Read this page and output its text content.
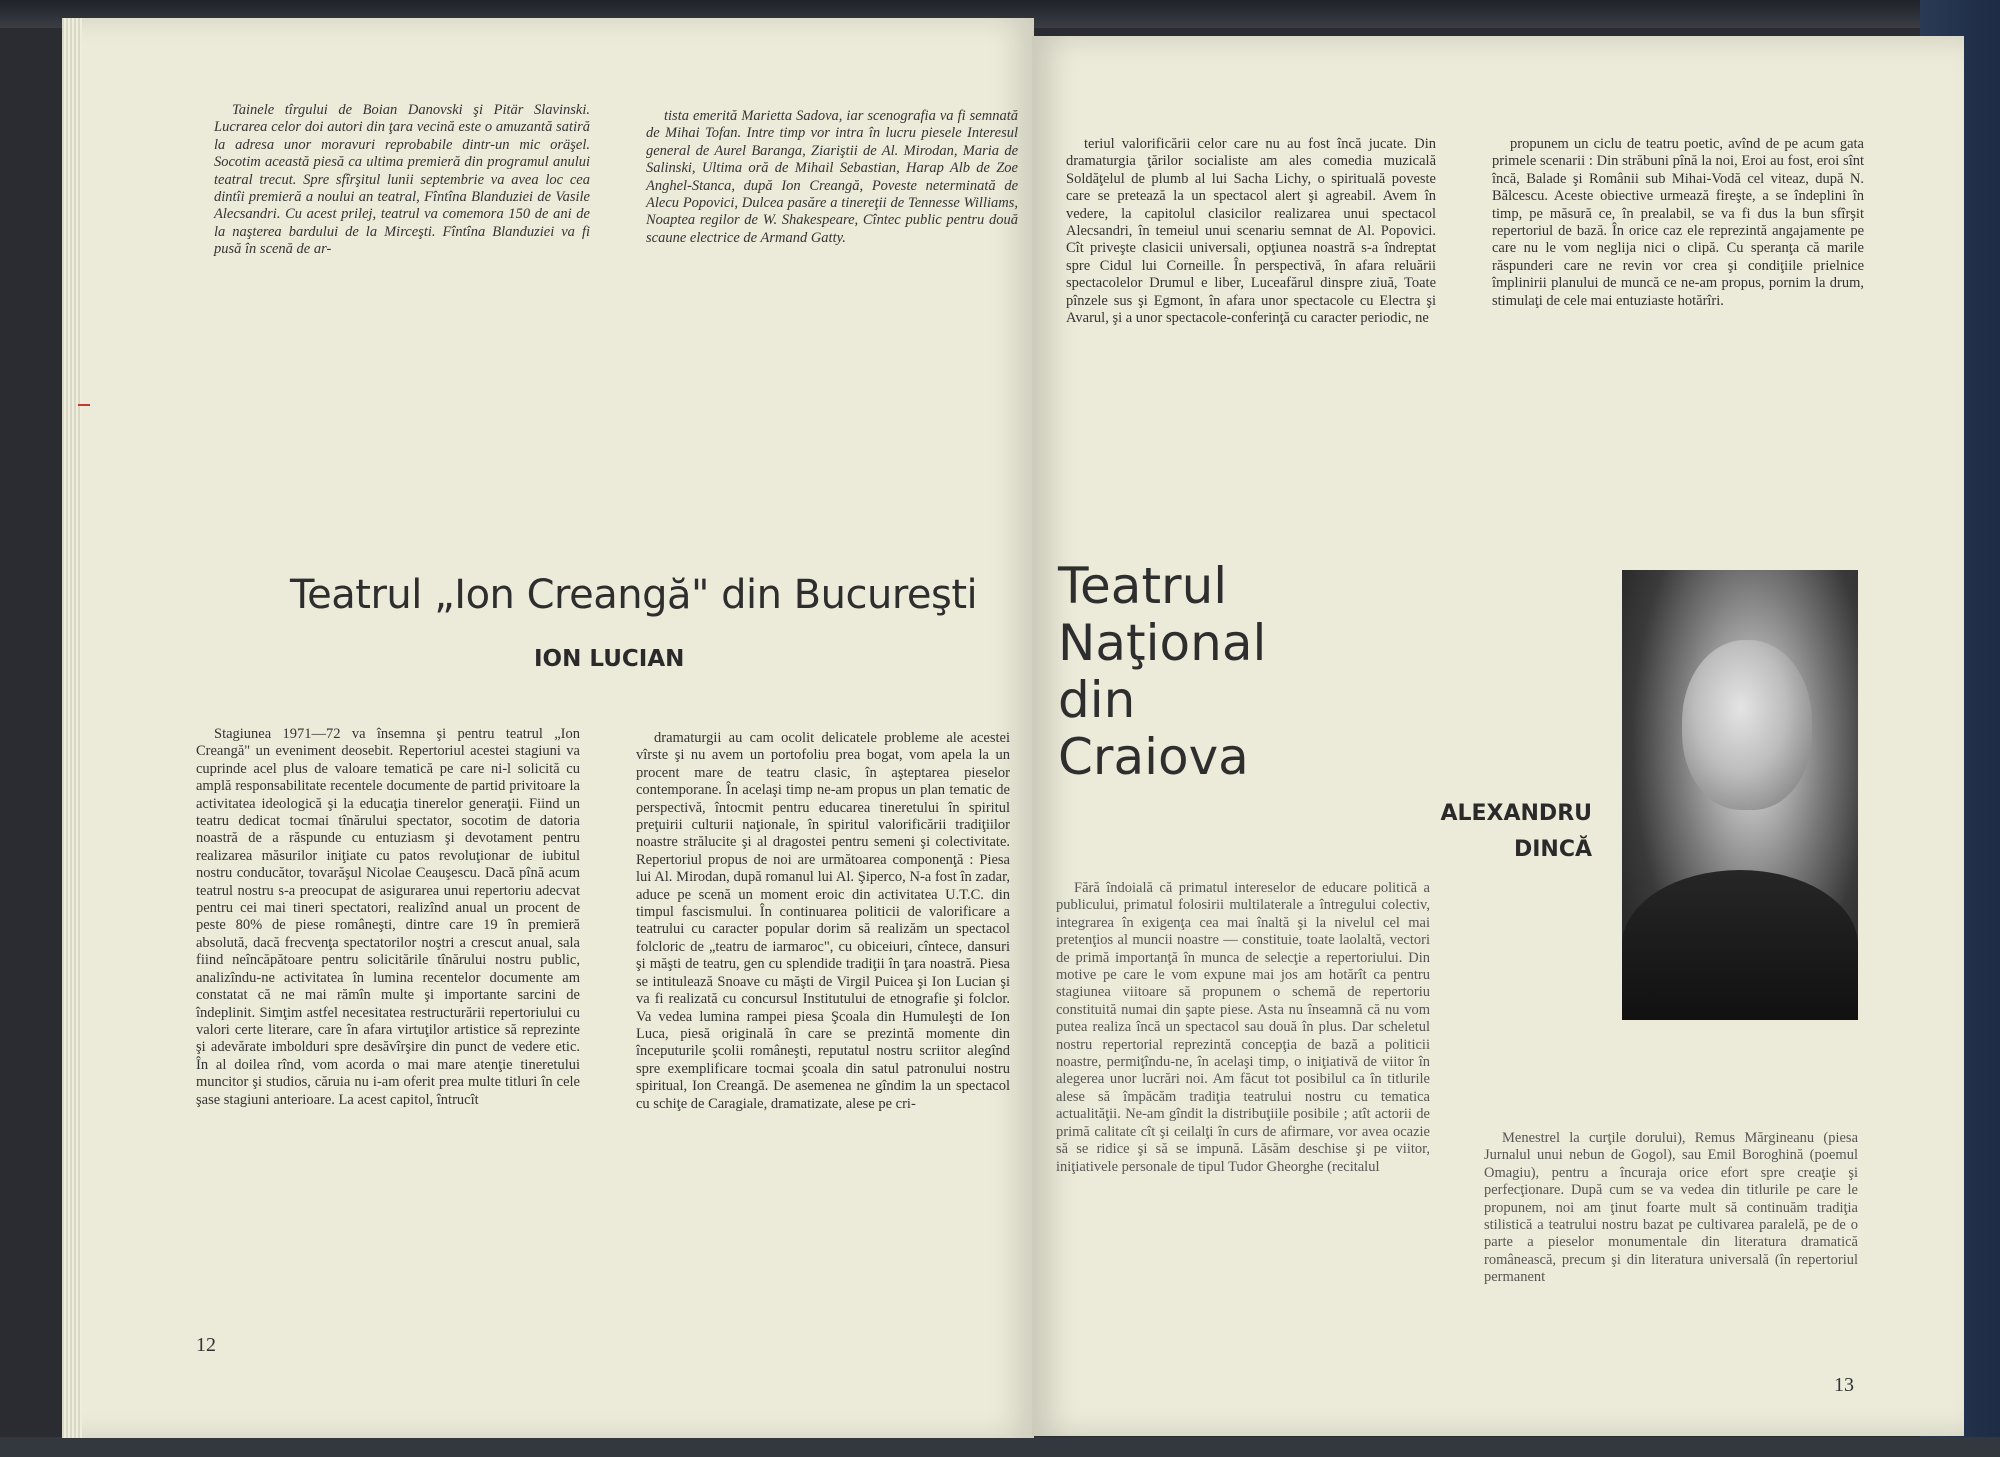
Tainele tîrgului de Boian Danovski şi Pitär Slavinski. Lucrarea celor doi autori din ţara vecină este o amuzantă satiră la adresa unor moravuri reprobabile dintr-un mic oräşel. Socotim această piesă ca ultima premieră din programul anului teatral trecut. Spre sfîrşitul lunii septembrie va avea loc cea dintîi premieră a noului an teatral, Fîntîna Blanduziei de Vasile Alecsandri. Cu acest prilej, teatrul va comemora 150 de ani de la naşterea bardului de la Mirceşti. Fîntîna Blanduziei va fi pusă în scenă de ar-

tista emerită Marietta Sadova, iar scenografia va fi semnată de Mihai Tofan. Intre timp vor intra în lucru piesele Interesul general de Aurel Baranga, Ziariştii de Al. Mirodan, Maria de Salinski, Ultima oră de Mihail Sebastian, Harap Alb de Zoe Anghel-Stanca, după Ion Creangă, Poveste neterminată de Alecu Popovici, Dulcea pasăre a tinereţii de Tennesse Williams, Noaptea regilor de W. Shakespeare, Cîntec public pentru două scaune electrice de Armand Gatty.

Teatrul „Ion Creangă" din Bucureşti
ION LUCIAN

Stagiunea 1971—72 va însemna şi pentru teatrul „Ion Creangă" un eveniment deosebit. Repertoriul acestei stagiuni va cuprinde acel plus de valoare tematică pe care ni-l solicită cu amplă responsabilitate recentele documente de partid privitoare la activitatea ideologică şi la educaţia tinerelor generaţii. Fiind un teatru dedicat tocmai tînărului spectator, socotim de datoria noastră de a răspunde cu entuziasm şi devotament pentru realizarea măsurilor iniţiate cu patos revoluţionar de iubitul nostru conducător, tovarăşul Nicolae Ceauşescu. Dacă pînă acum teatrul nostru s-a preocupat de asigurarea unui repertoriu adecvat pentru cei mai tineri spectatori, realizînd anual un procent de peste 80% de piese româneşti, dintre care 19 în premieră absolută, dacă frecvenţa spectatorilor noştri a crescut anual, sala fiind neîncăpătoare pentru solicitările tînărului nostru public, analizîndu-ne activitatea în lumina recentelor documente am constatat că ne mai rămîn multe şi importante sarcini de îndeplinit. Simţim astfel necesitatea restructurării repertoriului cu valori certe literare, care în afara virtuţilor artistice să reprezinte şi adevărate imbolduri spre desăvîrşire din punct de vedere etic. În al doilea rînd, vom acorda o mai mare atenţie tineretului muncitor şi studios, căruia nu i-am oferit prea multe titluri în cele şase stagiuni anterioare. La acest capitol, întrucît

dramaturgii au cam ocolit delicatele probleme ale acestei vîrste şi nu avem un portofoliu prea bogat, vom apela la un procent mare de teatru clasic, în aşteptarea pieselor contemporane. În acelaşi timp ne-am propus un plan tematic de perspectivă, întocmit pentru educarea tineretului în spiritul preţuirii culturii naţionale, în spiritul valorificării tradiţiilor noastre strălucite şi al dragostei pentru semeni şi colectivitate. Repertoriul propus de noi are următoarea componenţă : Piesa lui Al. Mirodan, după romanul lui Al. Şiperco, N-a fost în zadar, aduce pe scenă un moment eroic din activitatea U.T.C. din timpul fascismului. În continuarea politicii de valorificare a teatrului cu caracter popular dorim să realizăm un spectacol folcloric de „teatru de iarmaroc", cu obiceiuri, cîntece, dansuri şi măşti de teatru, gen cu splendide tradiţii în ţara noastră. Piesa se intitulează Snoave cu măşti de Virgil Puicea şi Ion Lucian şi va fi realizată cu concursul Institutului de etnografie şi folclor. Va vedea lumina rampei piesa Şcoala din Humuleşti de Ion Luca, piesă originală în care se prezintă momente din începuturile şcolii româneşti, reputatul nostru scriitor alegînd spre exemplificare tocmai şcoala din satul patronului nostru spiritual, Ion Creangă. De asemenea ne gîndim la un spectacol cu schiţe de Caragiale, dramatizate, alese pe cri-

12

teriul valorificării celor care nu au fost încă jucate. Din dramaturgia ţărilor socialiste am ales comedia muzicală Soldăţelul de plumb al lui Sacha Lichy, o spirituală poveste care se pretează la un spectacol alert şi agreabil. Avem în vedere, la capitolul clasicilor realizarea unui spectacol Alecsandri, în temeiul unui scenariu semnat de Al. Popovici. Cît priveşte clasicii universali, opţiunea noastră s-a îndreptat spre Cidul lui Corneille. În perspectivă, în afara reluării spectacolelor Drumul e liber, Luceafărul dinspre ziuă, Toate pînzele sus şi Egmont, în afara unor spectacole cu Electra şi Avarul, şi a unor spectacole-conferinţă cu caracter periodic, ne

propunem un ciclu de teatru poetic, avînd de pe acum gata primele scenarii : Din străbuni pînă la noi, Eroi au fost, eroi sînt încă, Balade şi Românii sub Mihai-Vodă cel viteaz, după N. Bălcescu. Aceste obiective urmează fireşte, a se îndeplini în timp, pe măsură ce, în prealabil, se va fi dus la bun sfîrşit repertoriul de bază. În orice caz ele reprezintă angajamente pe care nu le vom neglija nici o clipă. Cu speranţa că marile răspunderi care ne revin vor crea şi condiţiile prielnice împlinirii planului de muncă ce ne-am propus, pornim la drum, stimulaţi de cele mai entuziaste hotărîri.

Teatrul
Naţional
din
Craiova
ALEXANDRU
DINCĂ

Fără îndoială că primatul intereselor de educare politică a publicului, primatul folosirii multilaterale a întregului colectiv, integrarea în exigenţa cea mai înaltă şi la nivelul cel mai pretenţios al muncii noastre — constituie, toate laolaltă, vectori de primă importanţă în munca de selecţie a repertoriului. Din motive pe care le vom expune mai jos am hotărît ca pentru stagiunea viitoare să propunem o schemă de repertoriu constituită numai din şapte piese. Asta nu înseamnă că nu vom putea realiza încă un spectacol sau două în plus. Dar scheletul nostru repertorial reprezintă concepţia de bază a politicii noastre, permiţîndu-ne, în acelaşi timp, o iniţiativă de viitor în alegerea unor lucrări noi. Am făcut tot posibilul ca în titlurile alese să împăcăm tradiţia teatrului nostru cu tematica actualităţii. Ne-am gîndit la distribuţiile posibile ; atît actorii de primă calitate cît şi ceilalţi în curs de afirmare, vor avea ocazie să se ridice şi să se impună. Lăsăm deschise şi pe viitor, iniţiativele personale de tipul Tudor Gheorghe (recitalul

Menestrel la curţile dorului), Remus Mărgineanu (piesa Jurnalul unui nebun de Gogol), sau Emil Boroghină (poemul Omagiu), pentru a încuraja orice efort spre creaţie şi perfecţionare. După cum se va vedea din titlurile pe care le propunem, noi am ţinut foarte mult să continuăm tradiţia stilistică a teatrului nostru bazat pe cultivarea paralelă, pe de o parte a pieselor monumentale din literatura dramatică românească, precum şi din literatura universală (în repertoriul permanent

13
